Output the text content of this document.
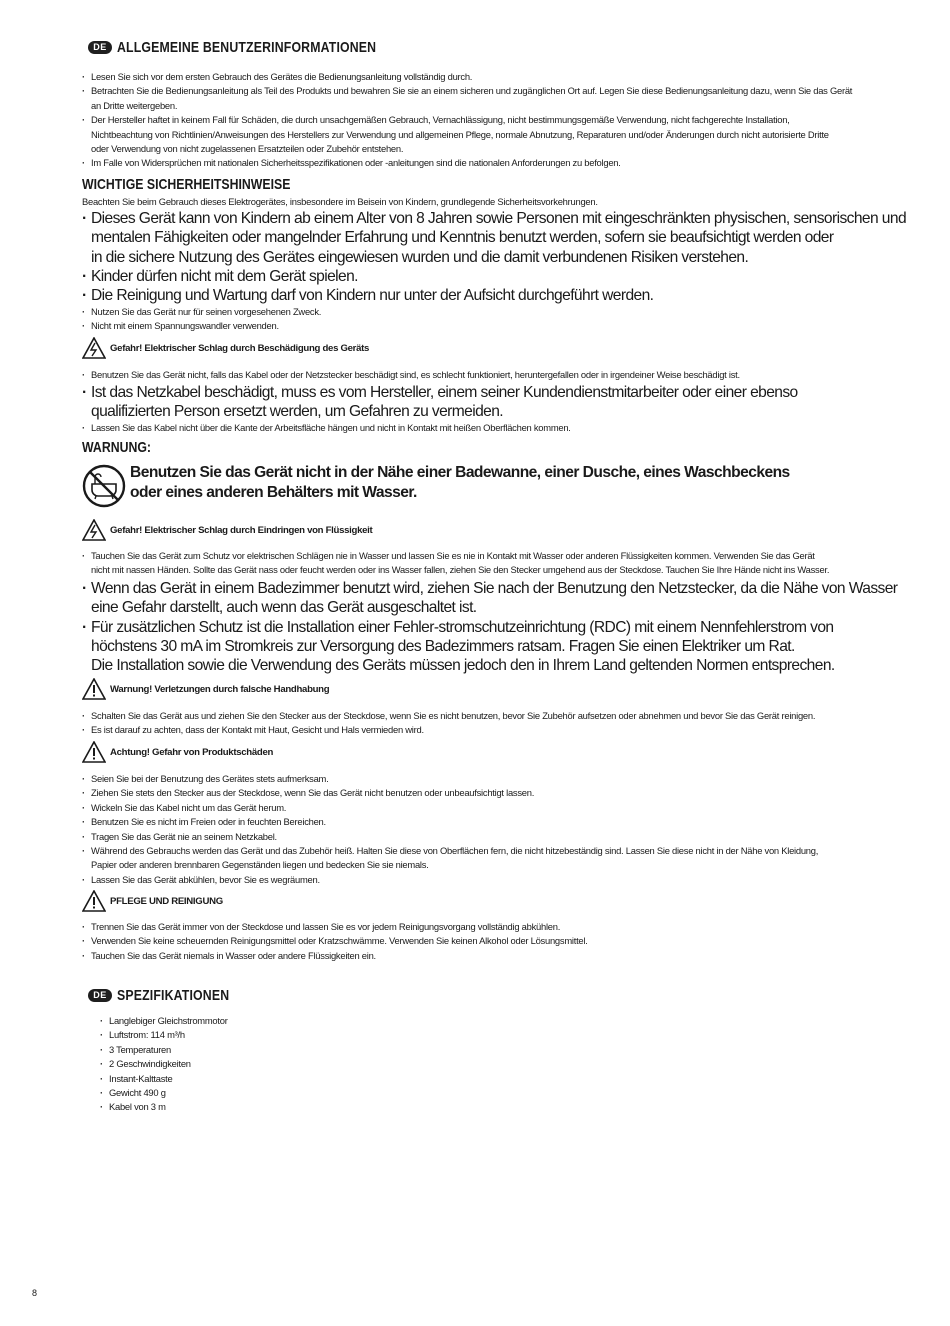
DE ALLGEMEINE BENUTZERINFORMATIONEN
· Lesen Sie sich vor dem ersten Gebrauch des Gerätes die Bedienungsanleitung vollständig durch.
· Betrachten Sie die Bedienungsanleitung als Teil des Produkts und bewahren Sie sie an einem sicheren und zugänglichen Ort auf. Legen Sie diese Bedienungsanleitung dazu, wenn Sie das Gerät
an Dritte weitergeben.
· Der Hersteller haftet in keinem Fall für Schäden, die durch unsachgemäßen Gebrauch, Vernachlässigung, nicht bestimmungsgemäße Verwendung, nicht fachgerechte Installation,
Nichtbeachtung von Richtlinien/Anweisungen des Herstellers zur Verwendung und allgemeinen Pflege, normale Abnutzung, Reparaturen und/oder Änderungen durch nicht autorisierte Dritte
oder Verwendung von nicht zugelassenen Ersatzteilen oder Zubehör entstehen.
· Im Falle von Widersprüchen mit nationalen Sicherheitsspezifikationen oder -anleitungen sind die nationalen Anforderungen zu befolgen.
WICHTIGE SICHERHEITSHINWEISE
Beachten Sie beim Gebrauch dieses Elektrogerätes, insbesondere im Beisein von Kindern, grundlegende Sicherheitsvorkehrungen.
· Dieses Gerät kann von Kindern ab einem Alter von 8 Jahren sowie Personen mit eingeschränkten physischen, sensorischen und
mentalen Fähigkeiten oder mangelnder Erfahrung und Kenntnis benutzt werden, sofern sie beaufsichtigt werden oder
in die sichere Nutzung des Gerätes eingewiesen wurden und die damit verbundenen Risiken verstehen.
· Kinder dürfen nicht mit dem Gerät spielen.
· Die Reinigung und Wartung darf von Kindern nur unter der Aufsicht durchgeführt werden.
· Nutzen Sie das Gerät nur für seinen vorgesehenen Zweck.
· Nicht mit einem Spannungswandler verwenden.
Gefahr! Elektrischer Schlag durch Beschädigung des Geräts
· Benutzen Sie das Gerät nicht, falls das Kabel oder der Netzstecker beschädigt sind, es schlecht funktioniert, heruntergefallen oder in irgendeiner Weise beschädigt ist.
· Ist das Netzkabel beschädigt, muss es vom Hersteller, einem seiner Kundendienstmitarbeiter oder einer ebenso
qualifizierten Person ersetzt werden, um Gefahren zu vermeiden.
· Lassen Sie das Kabel nicht über die Kante der Arbeitsfläche hängen und nicht in Kontakt mit heißen Oberflächen kommen.
WARNUNG:
Benutzen Sie das Gerät nicht in der Nähe einer Badewanne, einer Dusche, eines Waschbeckens
oder eines anderen Behälters mit Wasser.
Gefahr! Elektrischer Schlag durch Eindringen von Flüssigkeit
· Tauchen Sie das Gerät zum Schutz vor elektrischen Schlägen nie in Wasser und lassen Sie es nie in Kontakt mit Wasser oder anderen Flüssigkeiten kommen. Verwenden Sie das Gerät
nicht mit nassen Händen. Sollte das Gerät nass oder feucht werden oder ins Wasser fallen, ziehen Sie den Stecker umgehend aus der Steckdose. Tauchen Sie Ihre Hände nicht ins Wasser.
· Wenn das Gerät in einem Badezimmer benutzt wird, ziehen Sie nach der Benutzung den Netzstecker, da die Nähe von Wasser
eine Gefahr darstellt, auch wenn das Gerät ausgeschaltet ist.
· Für zusätzlichen Schutz ist die Installation einer Fehler-stromschutzeinrichtung (RDC) mit einem Nennfehlerstrom von
höchstens 30 mA im Stromkreis zur Versorgung des Badezimmers ratsam. Fragen Sie einen Elektriker um Rat.
Die Installation sowie die Verwendung des Geräts müssen jedoch den in Ihrem Land geltenden Normen entsprechen.
Warnung! Verletzungen durch falsche Handhabung
· Schalten Sie das Gerät aus und ziehen Sie den Stecker aus der Steckdose, wenn Sie es nicht benutzen, bevor Sie Zubehör aufsetzen oder abnehmen und bevor Sie das Gerät reinigen.
· Es ist darauf zu achten, dass der Kontakt mit Haut, Gesicht und Hals vermieden wird.
Achtung! Gefahr von Produktschäden
· Seien Sie bei der Benutzung des Gerätes stets aufmerksam.
· Ziehen Sie stets den Stecker aus der Steckdose, wenn Sie das Gerät nicht benutzen oder unbeaufsichtigt lassen.
· Wickeln Sie das Kabel nicht um das Gerät herum.
· Benutzen Sie es nicht im Freien oder in feuchten Bereichen.
· Tragen Sie das Gerät nie an seinem Netzkabel.
· Während des Gebrauchs werden das Gerät und das Zubehör heiß. Halten Sie diese von Oberflächen fern, die nicht hitzebeständig sind. Lassen Sie diese nicht in der Nähe von Kleidung,
Papier oder anderen brennbaren Gegenständen liegen und bedecken Sie sie niemals.
· Lassen Sie das Gerät abkühlen, bevor Sie es wegräumen.
PFLEGE UND REINIGUNG
· Trennen Sie das Gerät immer von der Steckdose und lassen Sie es vor jedem Reinigungsvorgang vollständig abkühlen.
· Verwenden Sie keine scheuernden Reinigungsmittel oder Kratzschwämme. Verwenden Sie keinen Alkohol oder Lösungsmittel.
· Tauchen Sie das Gerät niemals in Wasser oder andere Flüssigkeiten ein.
DE SPEZIFIKATIONEN
· Langlebiger Gleichstrommotor
· Luftstrom: 114 m³/h
· 3 Temperaturen
· 2 Geschwindigkeiten
· Instant-Kalttaste
· Gewicht 490 g
· Kabel von 3 m
8
